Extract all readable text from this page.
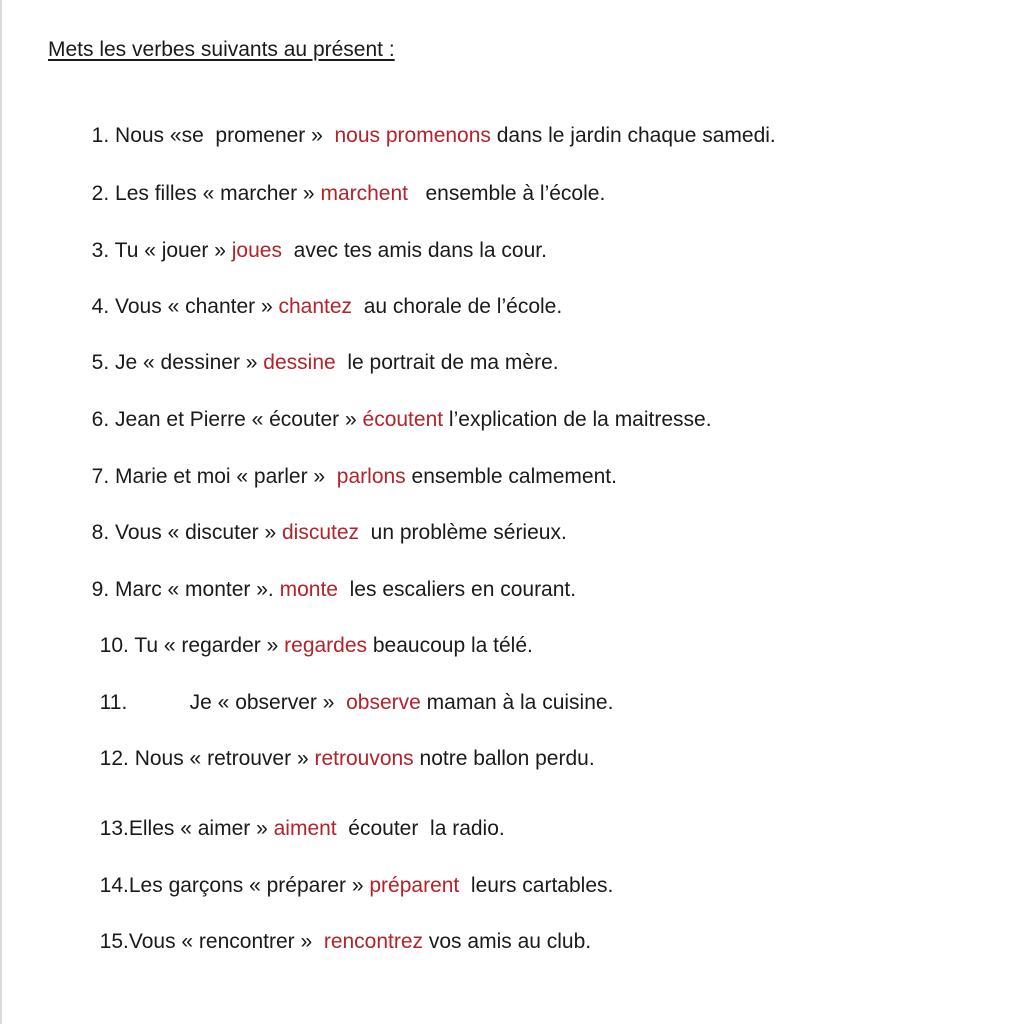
Mets les verbes suivants au présent :

1. Nous «se  promener »  nous promenons dans le jardin chaque samedi.

2. Les filles « marcher » marchent   ensemble à l’école.

3. Tu « jouer » joues  avec tes amis dans la cour.

4. Vous « chanter » chantez  au chorale de l’école.

5. Je « dessiner » dessine  le portrait de ma mère.

6. Jean et Pierre « écouter » écoutent l’explication de la maitresse.

7. Marie et moi « parler »  parlons ensemble calmement.

8. Vous « discuter » discutez  un problème sérieux.

9. Marc « monter ». monte  les escaliers en courant.

10. Tu « regarder » regardes beaucoup la télé.

11.	Je « observer »  observe maman à la cuisine.

12. Nous « retrouver » retrouvons notre ballon perdu.

13.Elles « aimer » aiment  écouter  la radio.

14.Les garçons « préparer » préparent  leurs cartables.

15.Vous « rencontrer »  rencontrez vos amis au club.
